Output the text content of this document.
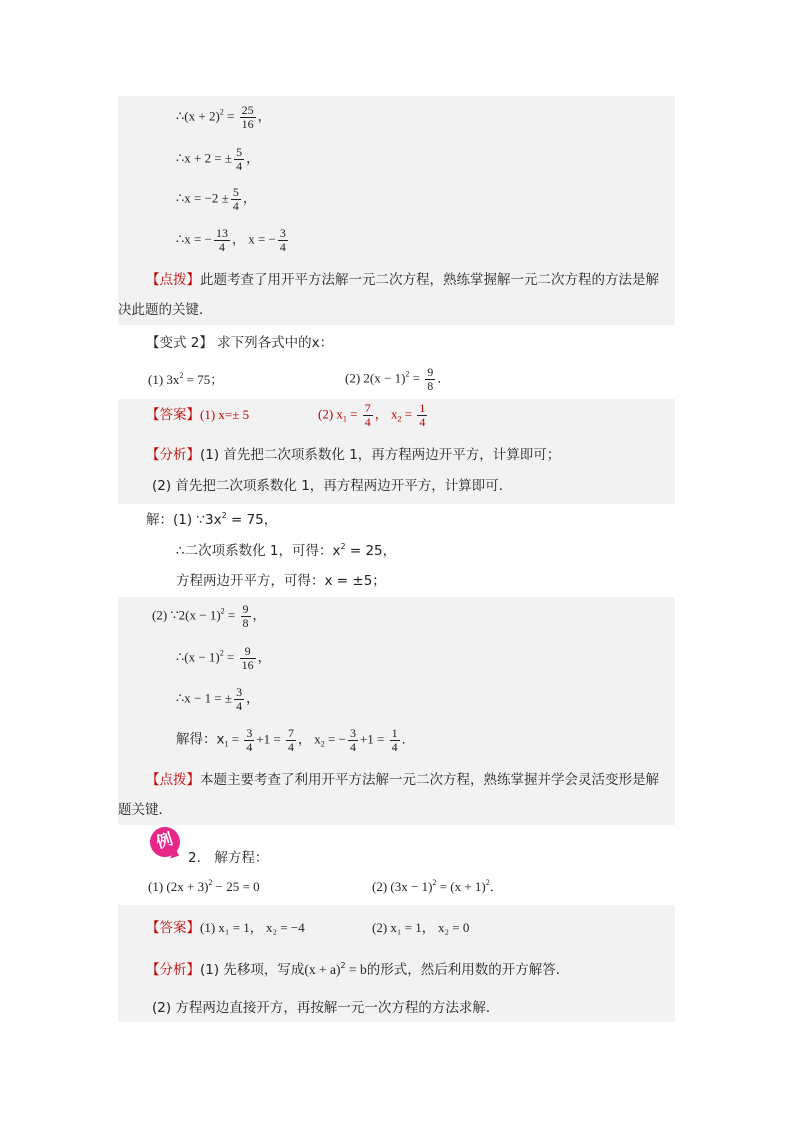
∴(x + $2)^2 = \frac{25}{16}$ ，
∴x + 2 = ± $\frac{5}{4}$ ，
∴x = $-2 \pm \frac{5}{4}$ ，
∴x = − $\frac{13}{4}$ ， x = − $\frac{3}{4}$
【点拨】此题考查了用开平方法解一元二次方程，熟练掌握解一元二次方程的方法是解
决此题的关键．
【变式 2】 求下列各式中的x：
(1) $3x^2 = 75$；	(2) $2(x - 1)^2 = \frac{9}{8}$ ．
【答案】(1) x=± 5	(2) $x_1 = \frac{7}{4}$ ， $x_2 = \frac{1}{4}$
【分析】(1) 首先把二次项系数化 1，再方程两边开平方，计算即可；
(2) 首先把二次项系数化 1，再方程两边开平方，计算即可．
解：(1) $\because 3x^2 = 75$，
∴二次项系数化 1，可得：$x^2 = 25$，
方程两边开平方，可得：x = ±5；
(2) ∵2(x − $1)^2 = \frac{9}{8}$ ，
∴(x − $1)^2 = \frac{9}{16}$ ，
∴x − 1 = ± $\frac{3}{4}$ ，
解得：$x_1 = \frac{3}{4} +1 = \frac{7}{4}$ ， $x_2$ = − $\frac{3}{4} +1 = \frac{1}{4}$ ．
【点拨】本题主要考查了利用开平方法解一元二次方程，熟练掌握并学会灵活变形是解
题关键．
例
2． 解方程：
(1) $(2x + 3)^2 - 25 = 0$	(2) $(3x - 1)^2 = (x + 1)^2$．
【答案】(1) x₁ = 1， x₂ = −4	(2) x₁ = 1， x₂ = 0
【分析】(1) 先移项，写成$(x + a)^2 = b$的形式，然后利用数的开方解答．
(2) 方程两边直接开方，再按解一元一次方程的方法求解．
